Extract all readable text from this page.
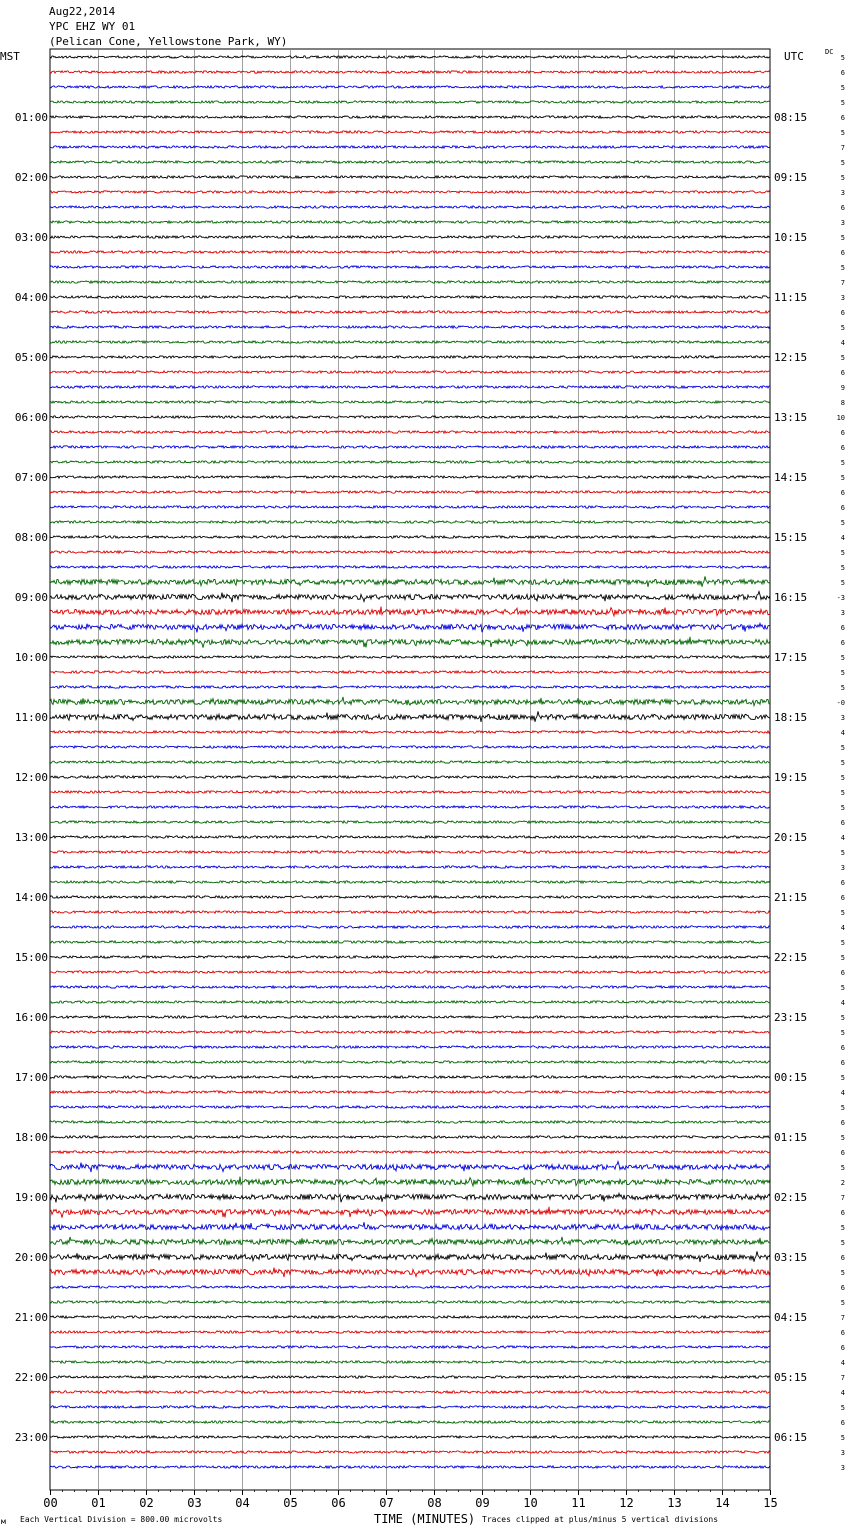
Aug22,2014
YPC EHZ WY 01
(Pelican Cone, Yellowstone Park, WY)
MST	UTC	DC
00	01	02	03	04	05	06	07	08	09	10	11	12	13	14	15
01:00
02:00
03:00
04:00
05:00
06:00
07:00
08:00
09:00
10:00
11:00
12:00
13:00
14:00
15:00
16:00
17:00
18:00
19:00
20:00
21:00
22:00
23:00
08:15
09:15
10:15
11:15
12:15
13:15
14:15
15:15
16:15
17:15
18:15
19:15
20:15
21:15
22:15
23:15
00:15
01:15
02:15
03:15
04:15
05:15
06:15
5
6
5
5
6
5
7
5
5
3
6
3
5
6
5
7
3
6
5
4
5
6
9
8
10
6
6
5
5
6
6
5
4
5
5
5
-3
3
6
6
5
5
5
-0
3
4
5
5
5
5
5
6
4
5
3
6
6
5
4
5
5
6
5
4
5
5
6
6
5
4
5
6
5
6
5
2
7
6
5
5
6
5
6
5
7
6
6
4
7
4
5
6
5
3
3
м Each Vertical Division = 800.00 microvolts	TIME (MINUTES) Traces clipped at plus/minus 5 vertical divisions
